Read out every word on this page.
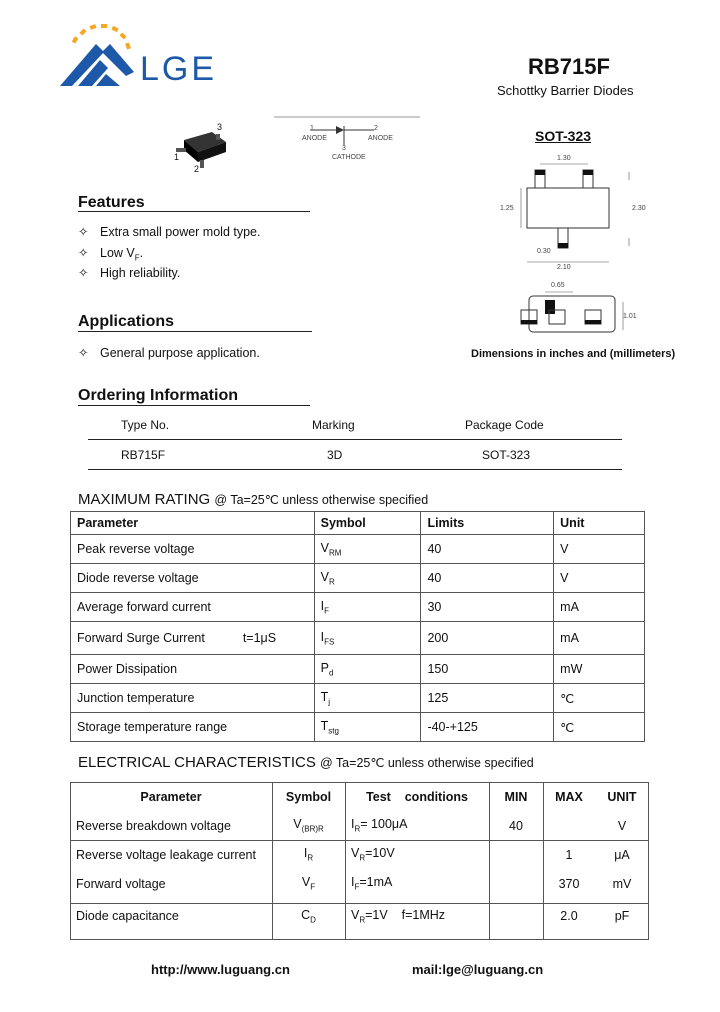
LGE	RB715F
Schottky Barrier Diodes
3
1
2
1
ANODE
2
ANODE
3
CATHODE
SOT-323
1.30
1.25	2.30
0.30
2.10
0.65
1.01
Dimensions in inches and (millimeters)
Features
✧ Extra small power mold type.
✧ Low $V_F$.
✧ High reliability.
Applications
✧ General purpose application.
Ordering Information
Type No.	Marking	Package Code
RB715F	3D	SOT-323
MAXIMUM RATING @ Ta=25℃ unless otherwise specified
Parameter	Symbol	Limits	Unit
Peak reverse voltage	$V_{RM}$	40	V
Diode reverse voltage	$V_R$	40	V
Average forward current	$I_F$	30	mA
Forward Surge Current t=1μS	$I_{FS}$	200	mA
Power Dissipation	$P_d$	150	mW
Junction temperature	$T_j$	125	℃
Storage temperature range	$T_{stg}$	-40-+125	℃
ELECTRICAL CHARACTERISTICS @ Ta=25℃ unless otherwise specified
Parameter	Symbol	Test    conditions	MIN	MAX	UNIT
Reverse breakdown voltage	$V_{(BR)R}$	$I_R= 100\mu A$	40		V
Reverse voltage leakage current	$I_R$	$V_R=10V$		1	μA
Forward voltage	$V_F$	$I_F=1mA$		370	mV
Diode capacitance	$C_D$	$V_R=1V$    f=1MHz		2.0	pF
http://www.luguang.cn	mail:lge@luguang.cn
